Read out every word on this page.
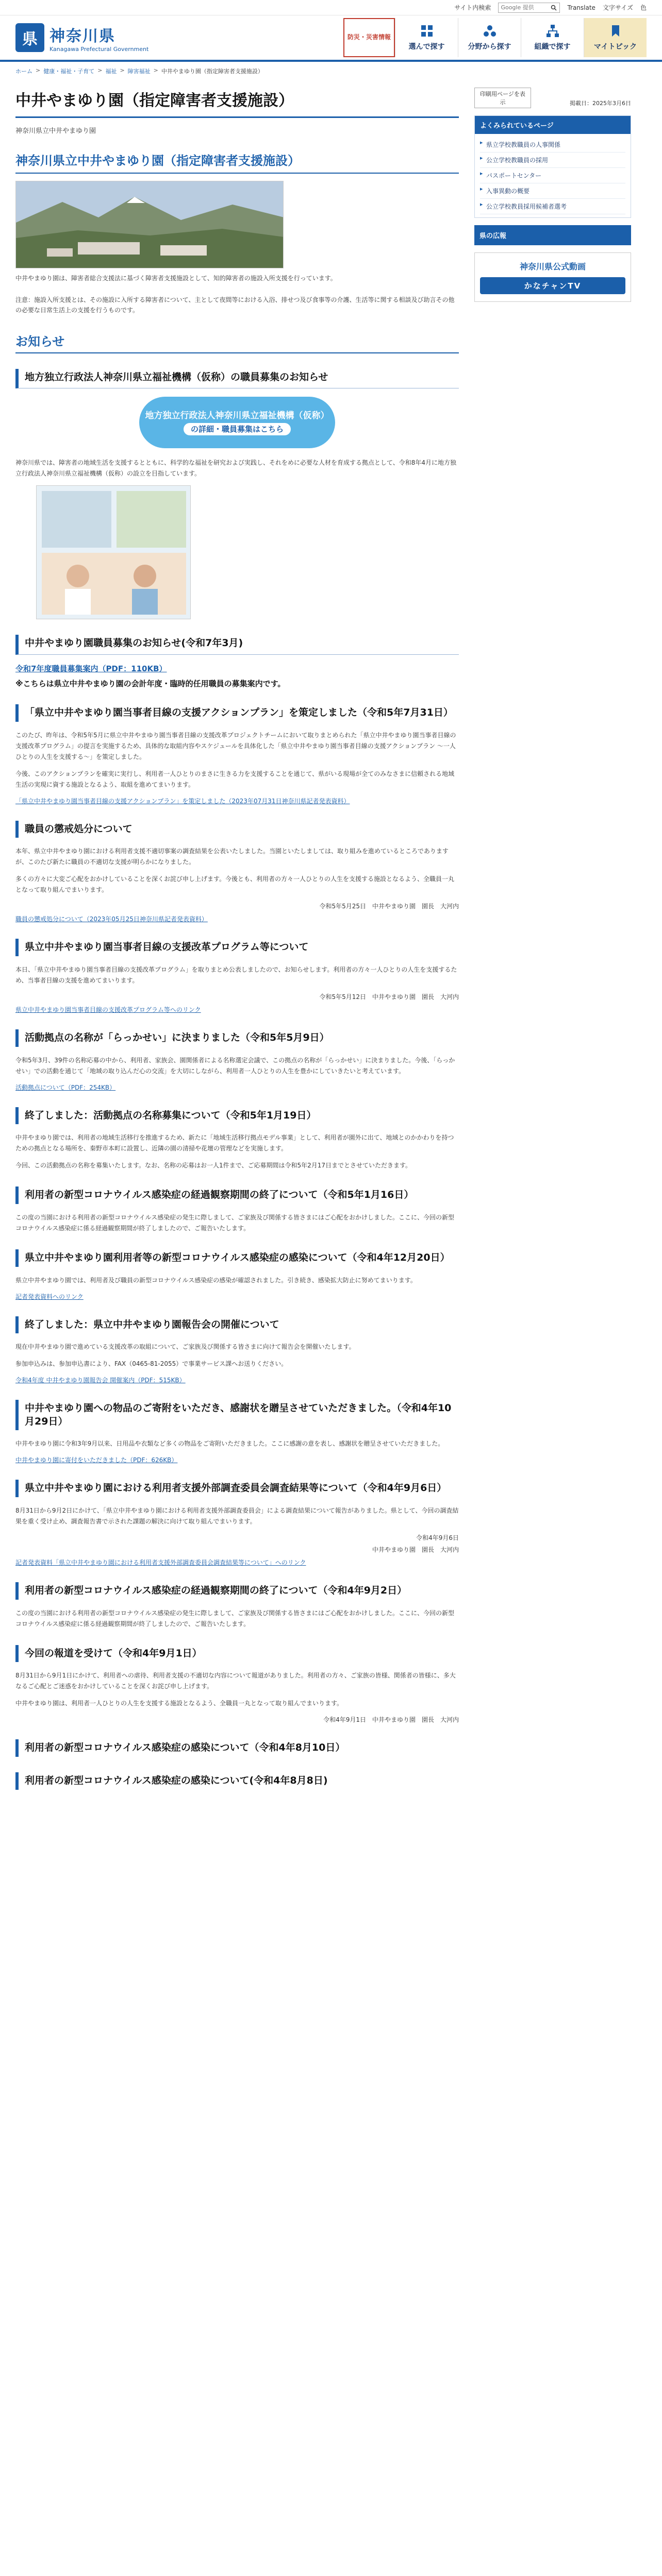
サイト内検索
Google 提供	Translate 文字サイズ 色
県 神奈川県
Kanagawa Prefectural Government
防災・災害情報
選んで探す	分野から探す	組織で探す	マイトピック
ホーム > 健康・福祉・子育て > 福祉 > 障害福祉 > 中井やまゆり園（指定障害者支援施設）
中井やまゆり園（指定障害者支援施設）
神奈川県立中井やまゆり園
神奈川県立中井やまゆり園（指定障害者支援施設）
中井やまゆり園は、障害者総合支援法に基づく障害者支援施設として、知的障害者の施設入所支援を行っています。
注意：施設入所支援とは、その施設に入所する障害者について、主として夜間等における入浴、排せつ及び食事等の介護、生活等に関する相談及び助言その他の必要な日常生活上の支援を行うものです。
お知らせ
地方独立行政法人神奈川県立福祉機構（仮称）の職員募集のお知らせ
地方独立行政法人神奈川県立福祉機構（仮称）
の詳細・職員募集はこちら
神奈川県では、障害者の地域生活を支援するとともに、科学的な福祉を研究および実践し、それをめに必要な人材を育成する拠点として、令和8年4月に地方独立行政法人神奈川県立福祉機構（仮称）の設立を目指しています。
中井やまゆり園職員募集のお知らせ(令和7年3月)
令和7年度職員募集案内（PDF：110KB）
※こちらは県立中井やまゆり園の会計年度・臨時的任用職員の募集案内です。
「県立中井やまゆり園当事者目線の支援アクションプラン」を策定しました（令和5年7月31日）
このたび、昨年は、令和5年5月に県立中井やまゆり園当事者目線の支援改革プロジェクトチームにおいて取りまとめられた「県立中井やまゆり園当事者目線の支援改革プログラム」の提言を実施するため、具体的な取組内容やスケジュールを具体化した「県立中井やまゆり園当事者目線の支援アクションプラン ～一人ひとりの人生を支援する～」を策定しました。
今後、このアクションプランを確実に実行し、利用者一人ひとりのまさに生きる力を支援することを通じて、県がいる現場が全てのみなさまに信頼される地域生活の実現に資する施設となるよう、取組を進めてまいります。
「県立中井やまゆり園当事者目線の支援アクションプラン」を策定しました（2023年07月31日神奈川県記者発表資料）
職員の懲戒処分について
本年、県立中井やまゆり園における利用者支援不適切事案の調査結果を公表いたしました。当園といたしましては、取り組みを進めているところでありますが、このたび新たに職員の不適切な支援が明らかになりました。
多くの方々に大変ご心配をおかけしていることを深くお詫び申し上げます。今後とも、利用者の方々一人ひとりの人生を支援する施設となるよう、全職員一丸となって取り組んでまいります。
令和5年5月25日　中井やまゆり園　園長　大河内
職員の懲戒処分について（2023年05月25日神奈川県記者発表資料）
県立中井やまゆり園当事者目線の支援改革プログラム等について
本日、「県立中井やまゆり園当事者目線の支援改革プログラム」を取りまとめ公表しましたので、お知らせします。利用者の方々一人ひとりの人生を支援するため、当事者目線の支援を進めてまいります。
令和5年5月12日　中井やまゆり園　園長　大河内
県立中井やまゆり園当事者目線の支援改革プログラム等へのリンク
活動拠点の名称が「らっかせい」に決まりました（令和5年5月9日）
令和5年3月、39件の名称応募の中から、利用者、家族会、園関係者による名称選定会議で、この拠点の名称が「らっかせい」に決まりました。今後、「らっかせい」での活動を通じて「地域の取り込んだ心の交流」を大切にしながら、利用者一人ひとりの人生を豊かにしていきたいと考えています。
活動拠点について（PDF：254KB）
終了しました：活動拠点の名称募集について（令和5年1月19日）
中井やまゆり園では、利用者の地域生活移行を推進するため、新たに「地域生活移行拠点モデル事業」として、利用者が園外に出て、地域とのかかわりを持つための拠点となる場所を、秦野市本町に設置し、近隣の園の清掃や花壇の管理などを実施します。
今回、この活動拠点の名称を募集いたします。なお、名称の応募はお一人1件まで、ご応募期間は令和5年2月17日までとさせていただきます。
利用者の新型コロナウイルス感染症の経過観察期間の終了について（令和5年1月16日）
この度の当園における利用者の新型コロナウイルス感染症の発生に際しまして、ご家族及び関係する皆さまにはご心配をおかけしました。ここに、今回の新型コロナウイルス感染症に係る経過観察期間が終了しましたので、ご報告いたします。
県立中井やまゆり園利用者等の新型コロナウイルス感染症の感染について（令和4年12月20日）
県立中井やまゆり園では、利用者及び職員の新型コロナウイルス感染症の感染が確認されました。引き続き、感染拡大防止に努めてまいります。
記者発表資料へのリンク
終了しました：県立中井やまゆり園報告会の開催について
現在中井やまゆり園で進めている支援改革の取組について、ご家族及び関係する皆さまに向けて報告会を開催いたします。
参加申込みは、参加申込書により、FAX（0465-81-2055）で事業サービス課へお送りください。
令和4年度 中井やまゆり園報告会 開催案内（PDF：515KB）
中井やまゆり園への物品のご寄附をいただき、感謝状を贈呈させていただきました。（令和4年10月29日）
中井やまゆり園に令和3年9月以来、日用品や衣類など多くの物品をご寄附いただきました。ここに感謝の意を表し、感謝状を贈呈させていただきました。
中井やまゆり園に寄付をいただきました（PDF：626KB）
県立中井やまゆり園における利用者支援外部調査委員会調査結果等について（令和4年9月6日）
8月31日から9月2日にかけて、「県立中井やまゆり園における利用者支援外部調査委員会」による調査結果について報告がありました。県として、今回の調査結果を重く受け止め、調査報告書で示された課題の解決に向けて取り組んでまいります。
令和4年9月6日
中井やまゆり園　園長　大河内
記者発表資料「県立中井やまゆり園における利用者支援外部調査委員会調査結果等について」へのリンク
利用者の新型コロナウイルス感染症の経過観察期間の終了について（令和4年9月2日）
この度の当園における利用者の新型コロナウイルス感染症の発生に際しまして、ご家族及び関係する皆さまにはご心配をおかけしました。ここに、今回の新型コロナウイルス感染症に係る経過観察期間が終了しましたので、ご報告いたします。
今回の報道を受けて（令和4年9月1日）
8月31日から9月1日にかけて、利用者への虐待、利用者支援の不適切な内容について報道がありました。利用者の方々、ご家族の皆様、関係者の皆様に、多大なるご心配とご迷惑をおかけしていることを深くお詫び申し上げます。
中井やまゆり園は、利用者一人ひとりの人生を支援する施設となるよう、全職員一丸となって取り組んでまいります。
令和4年9月1日　中井やまゆり園　園長　大河内
利用者の新型コロナウイルス感染症の感染について（令和4年8月10日）
利用者の新型コロナウイルス感染症の感染について(令和4年8月8日)
印刷用ページを表示	掲載日：2025年3月6日
よくみられているページ
▶ 県立学校教職員の人事関係
▶ 公立学校教職員の採用
▶ パスポートセンター
▶ 入事異動の概要
▶ 公立学校教員採用候補者選考
県の広報
神奈川県公式動画
かなチャンTV
